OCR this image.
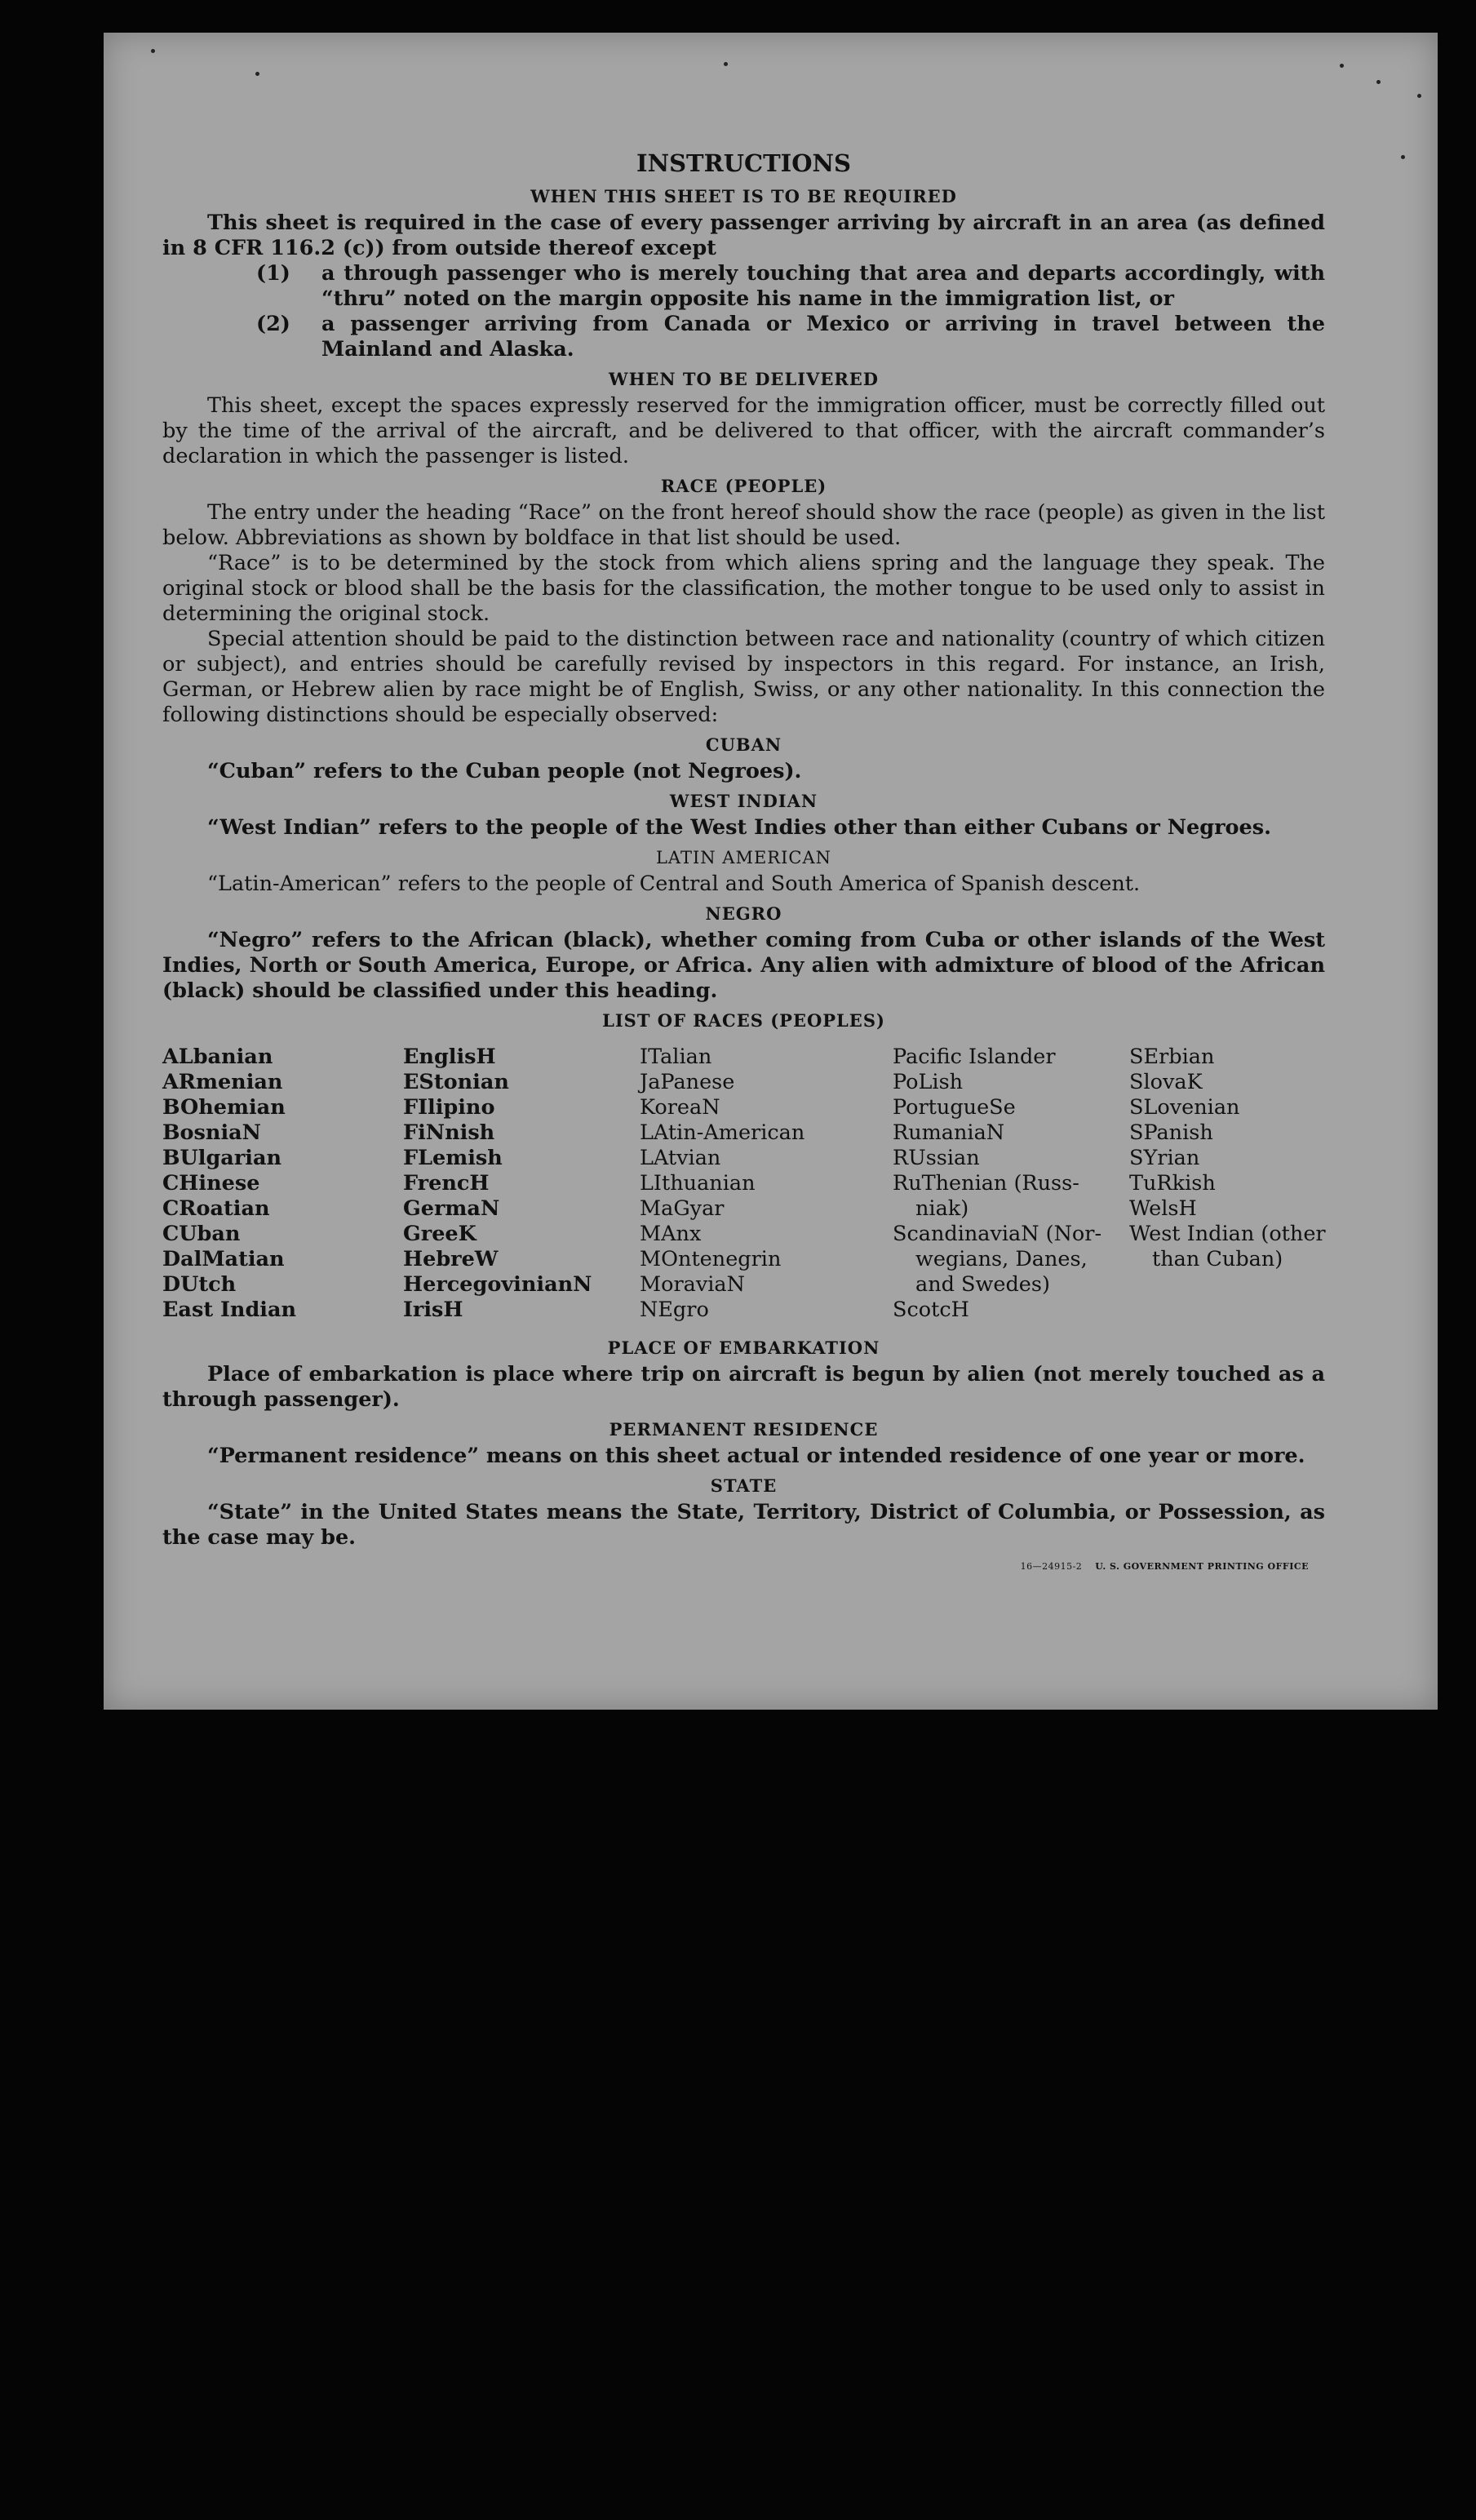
INSTRUCTIONS
WHEN THIS SHEET IS TO BE REQUIRED

This sheet is required in the case of every passenger arriving by aircraft in an area (as defined in 8 CFR 116.2 (c)) from outside thereof except

(1)	a through passenger who is merely touching that area and departs accordingly, with “thru” noted on the margin opposite his name in the immigration list, or
(2)	a passenger arriving from Canada or Mexico or arriving in travel between the Mainland and Alaska.
WHEN TO BE DELIVERED

This sheet, except the spaces expressly reserved for the immigration officer, must be correctly filled out by the time of the arrival of the aircraft, and be delivered to that officer, with the aircraft commander’s declaration in which the passenger is listed.

RACE (PEOPLE)

The entry under the heading “Race” on the front hereof should show the race (people) as given in the list below. Abbreviations as shown by boldface in that list should be used.

“Race” is to be determined by the stock from which aliens spring and the language they speak. The original stock or blood shall be the basis for the classification, the mother tongue to be used only to assist in determining the original stock.

Special attention should be paid to the distinction between race and nationality (country of which citizen or subject), and entries should be carefully revised by inspectors in this regard. For instance, an Irish, German, or Hebrew alien by race might be of English, Swiss, or any other nationality. In this connection the following distinctions should be especially observed:

CUBAN

“Cuban” refers to the Cuban people (not Negroes).

WEST INDIAN

“West Indian” refers to the people of the West Indies other than either Cubans or Negroes.

LATIN AMERICAN

“Latin-American” refers to the people of Central and South America of Spanish descent.

NEGRO

“Negro” refers to the African (black), whether coming from Cuba or other islands of the West Indies, North or South America, Europe, or Africa. Any alien with admixture of blood of the African (black) should be classified under this heading.

LIST OF RACES (PEOPLES)
ALbanian
ARmenian
BOhemian
BosniaN
BUlgarian
CHinese
CRoatian
CUban
DalMatian
DUtch
East Indian
EnglisH
EStonian
FIlipino
FiNnish
FLemish
FrencH
GermaN
GreeK
HebreW
HercegovinianN
IrisH
ITalian
JaPanese
KoreaN
LAtin-American
LAtvian
LIthuanian
MaGyar
MAnx
MOntenegrin
MoraviaN
NEgro
Pacific Islander
PoLish
PortugueSe
RumaniaN
RUssian
RuThenian (Russ-
niak)
ScandinaviaN (Nor-
wegians, Danes,
and Swedes)
ScotcH
SErbian
SlovaK
SLovenian
SPanish
SYrian
TuRkish
WelsH
West Indian (other
than Cuban)
PLACE OF EMBARKATION

Place of embarkation is place where trip on aircraft is begun by alien (not merely touched as a through passenger).

PERMANENT RESIDENCE

“Permanent residence” means on this sheet actual or intended residence of one year or more.

STATE

“State” in the United States means the State, Territory, District of Columbia, or Possession, as the case may be.

16—24915-2 U. S. GOVERNMENT PRINTING OFFICE
